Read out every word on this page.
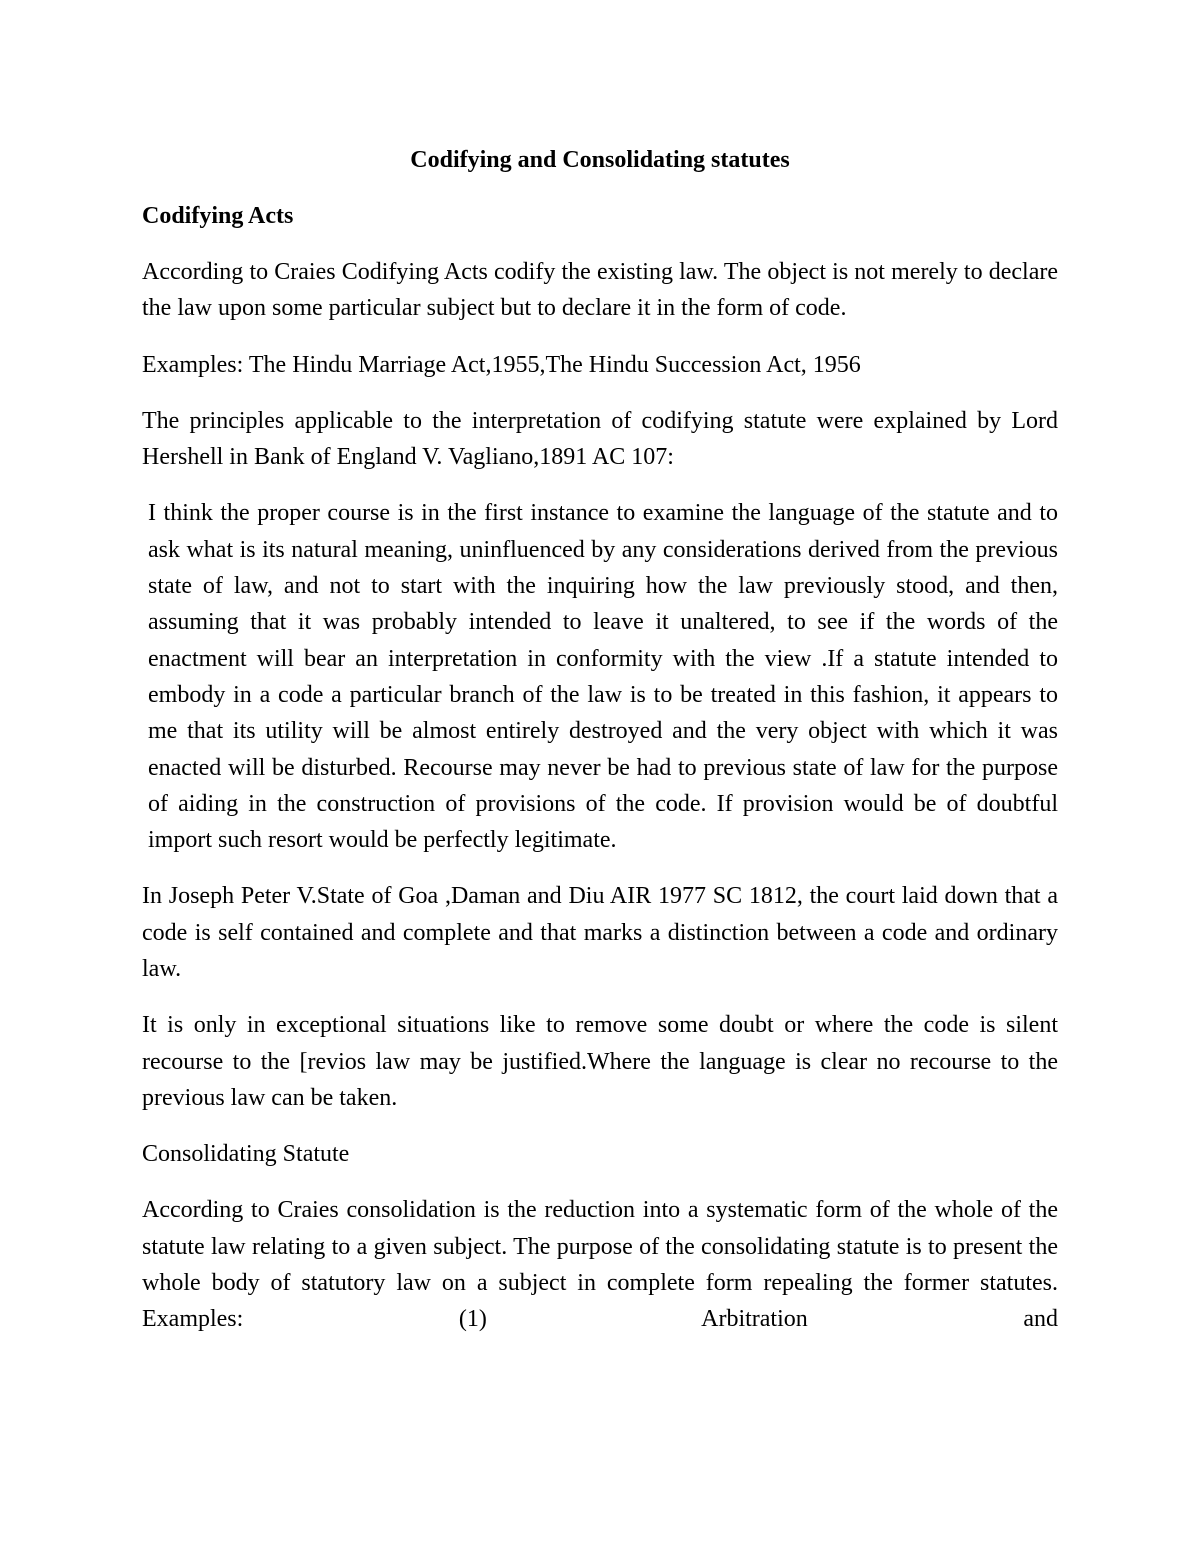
Codifying and Consolidating statutes

Codifying Acts

According to Craies Codifying Acts codify the existing law. The object is not merely to declare the law upon some particular subject but to declare it in the form of code.

Examples: The Hindu Marriage Act,1955,The Hindu Succession Act, 1956

The principles applicable to the interpretation of codifying statute were explained by Lord Hershell in Bank of England V. Vagliano,1891 AC 107:

I think the proper course is in the first instance to examine the language of the statute and to ask what is its natural meaning, uninfluenced by any considerations derived from the previous state of law, and not to start with the inquiring how the law previously stood, and then, assuming that it was probably intended to leave it unaltered, to see if the words of the enactment will bear an interpretation in conformity with the view .If a statute intended to embody in a code a particular branch of the law is to be treated in this fashion, it appears to me that its utility will be almost entirely destroyed and the very object with which it was enacted will be disturbed. Recourse may never be had to previous state of law for the purpose of aiding in the construction of provisions of the code. If provision would be of doubtful import such resort would be perfectly legitimate.

In Joseph Peter V.State of Goa ,Daman and Diu AIR 1977 SC 1812, the court laid down that a code is self contained and complete and that marks a distinction between a code and ordinary law.

It is only in exceptional situations like to remove some doubt or where the code is silent recourse to the [revios law may be justified.Where the language is clear no recourse to the previous law can be taken.

Consolidating Statute

According to Craies consolidation is the reduction into a systematic form of the whole of the statute law relating to a given subject. The purpose of the consolidating statute is to present the whole body of statutory law on a subject in complete form repealing the former statutes. Examples: (1) Arbitration and
